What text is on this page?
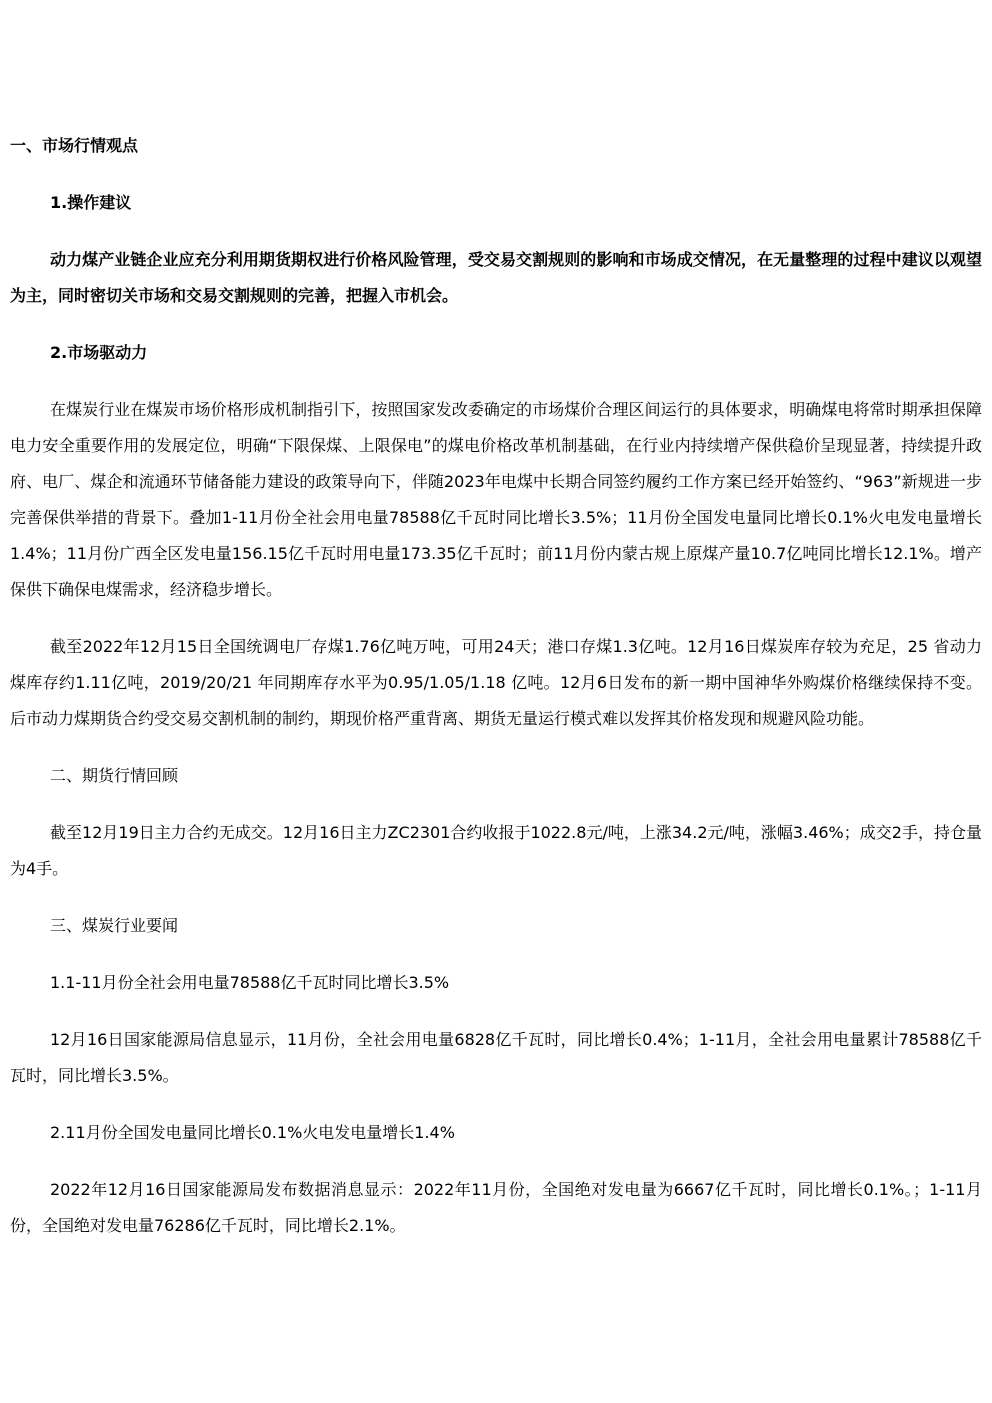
一、市场行情观点

1.操作建议

动力煤产业链企业应充分利用期货期权进行价格风险管理，受交易交割规则的影响和市场成交情况，在无量整理的过程中建议以观望为主，同时密切关市场和交易交割规则的完善，把握入市机会。

2.市场驱动力

在煤炭行业在煤炭市场价格形成机制指引下，按照国家发改委确定的市场煤价合理区间运行的具体要求，明确煤电将常时期承担保障电力安全重要作用的发展定位，明确“下限保煤、上限保电”的煤电价格改革机制基础，在行业内持续增产保供稳价呈现显著，持续提升政府、电厂、煤企和流通环节储备能力建设的政策导向下，伴随2023年电煤中长期合同签约履约工作方案已经开始签约、“963”新规进一步完善保供举措的背景下。叠加1-11月份全社会用电量78588亿千瓦时同比增长3.5%；11月份全国发电量同比增长0.1%火电发电量增长1.4%；11月份广西全区发电量156.15亿千瓦时用电量173.35亿千瓦时；前11月份内蒙古规上原煤产量10.7亿吨同比增长12.1%。增产保供下确保电煤需求，经济稳步增长。

截至2022年12月15日全国统调电厂存煤1.76亿吨万吨，可用24天；港口存煤1.3亿吨。12月16日煤炭库存较为充足，25 省动力煤库存约1.11亿吨，2019/20/21 年同期库存水平为0.95/1.05/1.18 亿吨。12月6日发布的新一期中国神华外购煤价格继续保持不变。后市动力煤期货合约受交易交割机制的制约，期现价格严重背离、期货无量运行模式难以发挥其价格发现和规避风险功能。

二、期货行情回顾

截至12月19日主力合约无成交。12月16日主力ZC2301合约收报于1022.8元/吨，上涨34.2元/吨，涨幅3.46%；成交2手，持仓量为4手。

三、煤炭行业要闻

1.1-11月份全社会用电量78588亿千瓦时同比增长3.5%

12月16日国家能源局信息显示，11月份，全社会用电量6828亿千瓦时，同比增长0.4%；1-11月，全社会用电量累计78588亿千瓦时，同比增长3.5%。

2.11月份全国发电量同比增长0.1%火电发电量增长1.4%

2022年12月16日国家能源局发布数据消息显示：2022年11月份，全国绝对发电量为6667亿千瓦时，同比增长0.1%。；1-11月份，全国绝对发电量76286亿千瓦时，同比增长2.1%。
